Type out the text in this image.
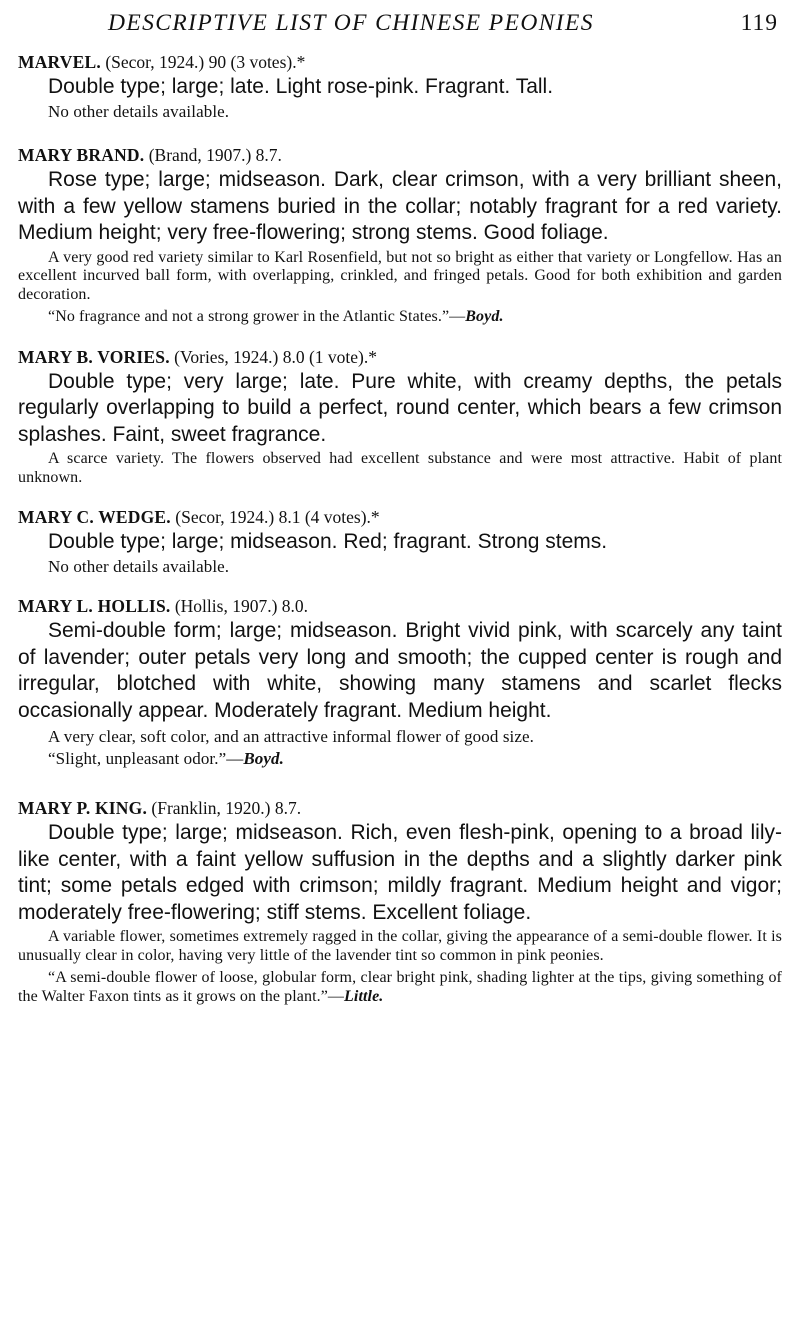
DESCRIPTIVE LIST OF CHINESE PEONIES	119

MARVEL. (Secor, 1924.) 90 (3 votes).*

Double type; large; late. Light rose-pink. Fragrant. Tall.

No other details available.

MARY BRAND. (Brand, 1907.) 8.7.

Rose type; large; midseason. Dark, clear crimson, with a very brilliant sheen, with a few yellow stamens buried in the collar; notably fragrant for a red variety. Medium height; very free-flowering; strong stems. Good foliage.

A very good red variety similar to Karl Rosenfield, but not so bright as either that variety or Longfellow. Has an excellent incurved ball form, with overlapping, crinkled, and fringed petals. Good for both exhibition and garden decoration.

“No fragrance and not a strong grower in the Atlantic States.”—Boyd.

MARY B. VORIES. (Vories, 1924.) 8.0 (1 vote).*

Double type; very large; late. Pure white, with creamy depths, the petals regularly overlapping to build a perfect, round center, which bears a few crimson splashes. Faint, sweet fragrance.

A scarce variety. The flowers observed had excellent substance and were most attractive. Habit of plant unknown.

MARY C. WEDGE. (Secor, 1924.) 8.1 (4 votes).*

Double type; large; midseason. Red; fragrant. Strong stems.

No other details available.

MARY L. HOLLIS. (Hollis, 1907.) 8.0.

Semi-double form; large; midseason. Bright vivid pink, with scarcely any taint of lavender; outer petals very long and smooth; the cupped center is rough and irregular, blotched with white, showing many stamens and scarlet flecks occasionally appear. Moderately fragrant. Medium height.

A very clear, soft color, and an attractive informal flower of good size.

“Slight, unpleasant odor.”—Boyd.

MARY P. KING. (Franklin, 1920.) 8.7.

Double type; large; midseason. Rich, even flesh-pink, opening to a broad lily-like center, with a faint yellow suffusion in the depths and a slightly darker pink tint; some petals edged with crimson; mildly fragrant. Medium height and vigor; moderately free-flowering; stiff stems. Excellent foliage.

A variable flower, sometimes extremely ragged in the collar, giving the appearance of a semi-double flower. It is unusually clear in color, having very little of the lavender tint so common in pink peonies.

“A semi-double flower of loose, globular form, clear bright pink, shading lighter at the tips, giving something of the Walter Faxon tints as it grows on the plant.”—Little.
